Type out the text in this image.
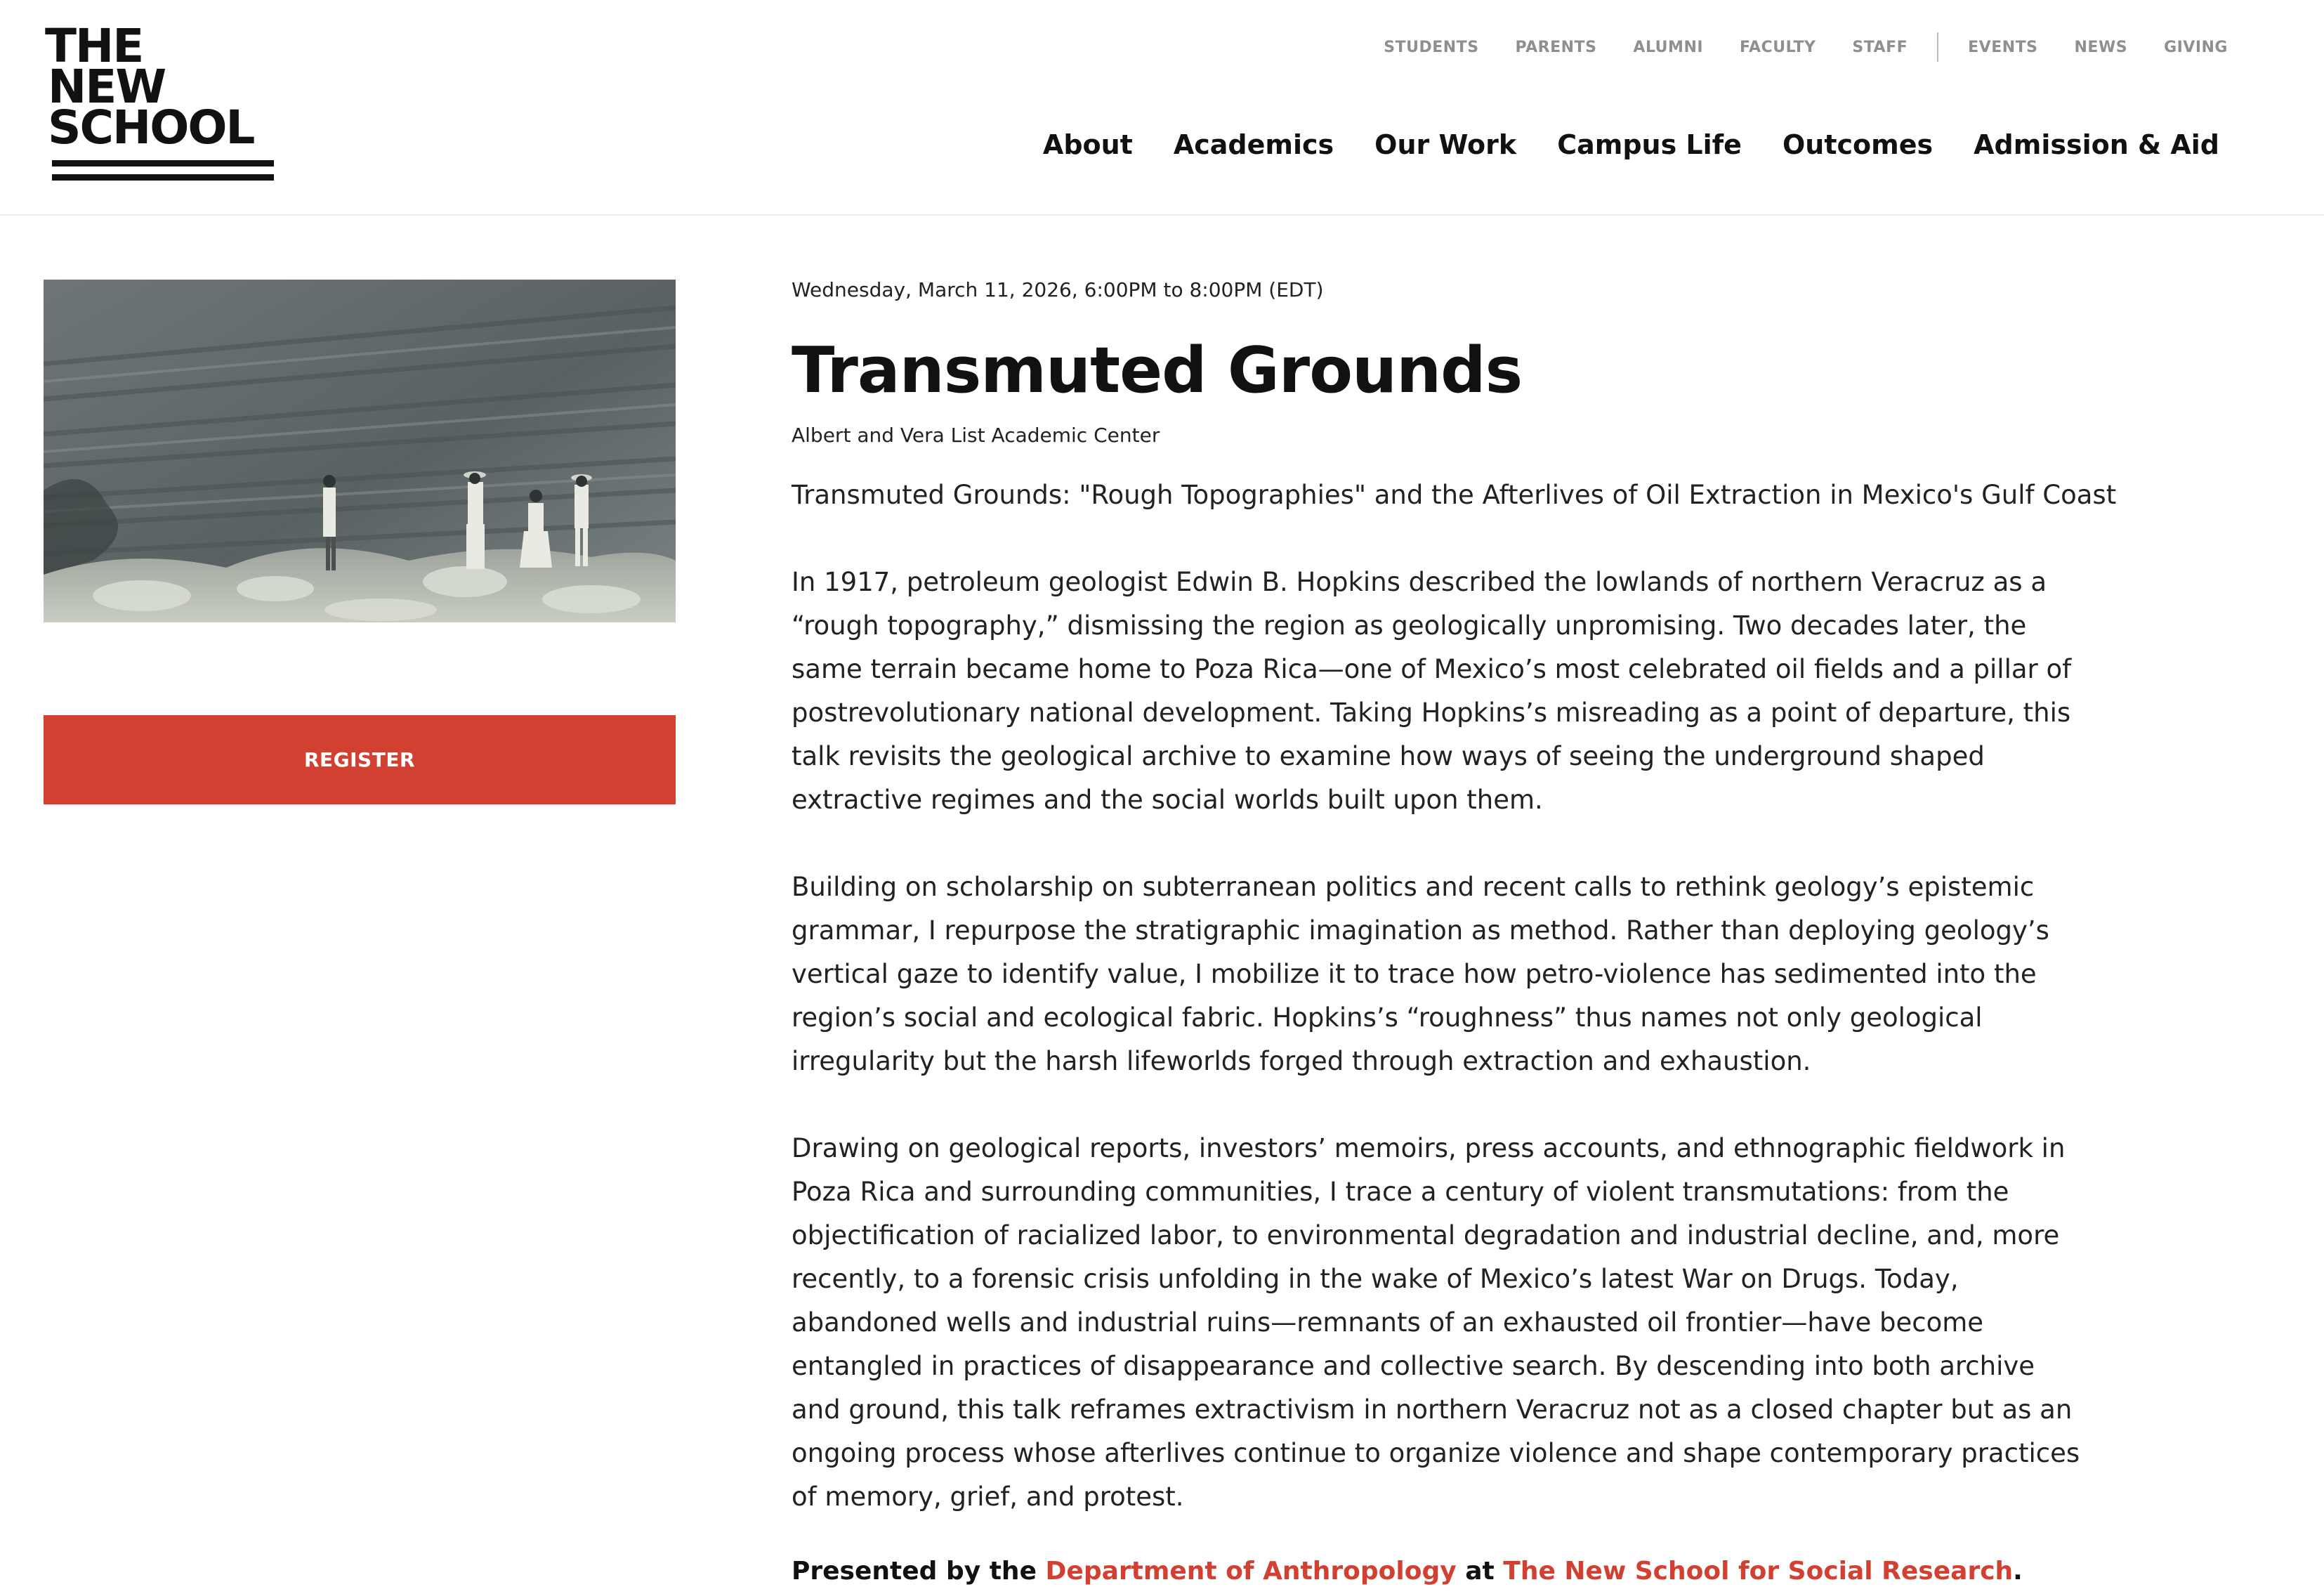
THE
NEW
SCHOOL
STUDENTS PARENTS ALUMNI FACULTY STAFF	EVENTS NEWS GIVING
About Academics Our Work Campus Life Outcomes Admission & Aid
REGISTER

Wednesday, March 11, 2026, 6:00PM to 8:00PM (EDT)

Transmuted Grounds

Albert and Vera List Academic Center

Transmuted Grounds: "Rough Topographies" and the Afterlives of Oil Extraction in Mexico's Gulf Coast

In 1917, petroleum geologist Edwin B. Hopkins described the lowlands of northern Veracruz as a “rough topography,” dismissing the region as geologically unpromising. Two decades later, the same terrain became home to Poza Rica—one of Mexico’s most celebrated oil fields and a pillar of postrevolutionary national development. Taking Hopkins’s misreading as a point of departure, this talk revisits the geological archive to examine how ways of seeing the underground shaped extractive regimes and the social worlds built upon them.

Building on scholarship on subterranean politics and recent calls to rethink geology’s epistemic grammar, I repurpose the stratigraphic imagination as method. Rather than deploying geology’s vertical gaze to identify value, I mobilize it to trace how petro-violence has sedimented into the region’s social and ecological fabric. Hopkins’s “roughness” thus names not only geological irregularity but the harsh lifeworlds forged through extraction and exhaustion.

Drawing on geological reports, investors’ memoirs, press accounts, and ethnographic fieldwork in Poza Rica and surrounding communities, I trace a century of violent transmutations: from the objectification of racialized labor, to environmental degradation and industrial decline, and, more recently, to a forensic crisis unfolding in the wake of Mexico’s latest War on Drugs. Today, abandoned wells and industrial ruins—remnants of an exhausted oil frontier—have become entangled in practices of disappearance and collective search. By descending into both archive and ground, this talk reframes extractivism in northern Veracruz not as a closed chapter but as an ongoing process whose afterlives continue to organize violence and shape contemporary practices of memory, grief, and protest.

Presented by the Department of Anthropology at The New School for Social Research.
